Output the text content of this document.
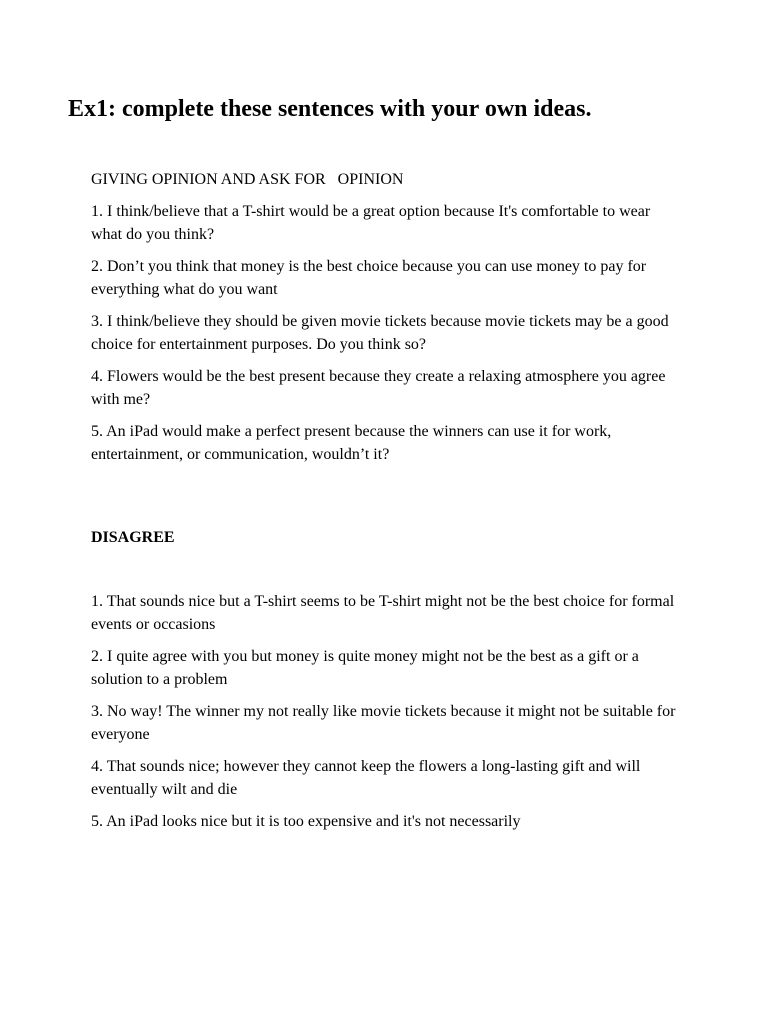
Ex1: complete these sentences with your own ideas.

GIVING OPINION AND ASK FOR   OPINION

1. I think/believe that a T-shirt would be a great option because It's comfortable to wear what do you think?

2. Don’t you think that money is the best choice because you can use money to pay for everything what do you want

3. I think/believe they should be given movie tickets because movie tickets may be a good choice for entertainment purposes. Do you think so?

4. Flowers would be the best present because they create a relaxing atmosphere you agree with me?

5. An iPad would make a perfect present because the winners can use it for work, entertainment, or communication, wouldn’t it?

DISAGREE

1. That sounds nice but a T-shirt seems to be T-shirt might not be the best choice for formal events or occasions

2. I quite agree with you but money is quite money might not be the best as a gift or a solution to a problem

3. No way! The winner my not really like movie tickets because it might not be suitable for everyone

4. That sounds nice; however they cannot keep the flowers a long-lasting gift and will eventually wilt and die

5. An iPad looks nice but it is too expensive and it's not necessarily
